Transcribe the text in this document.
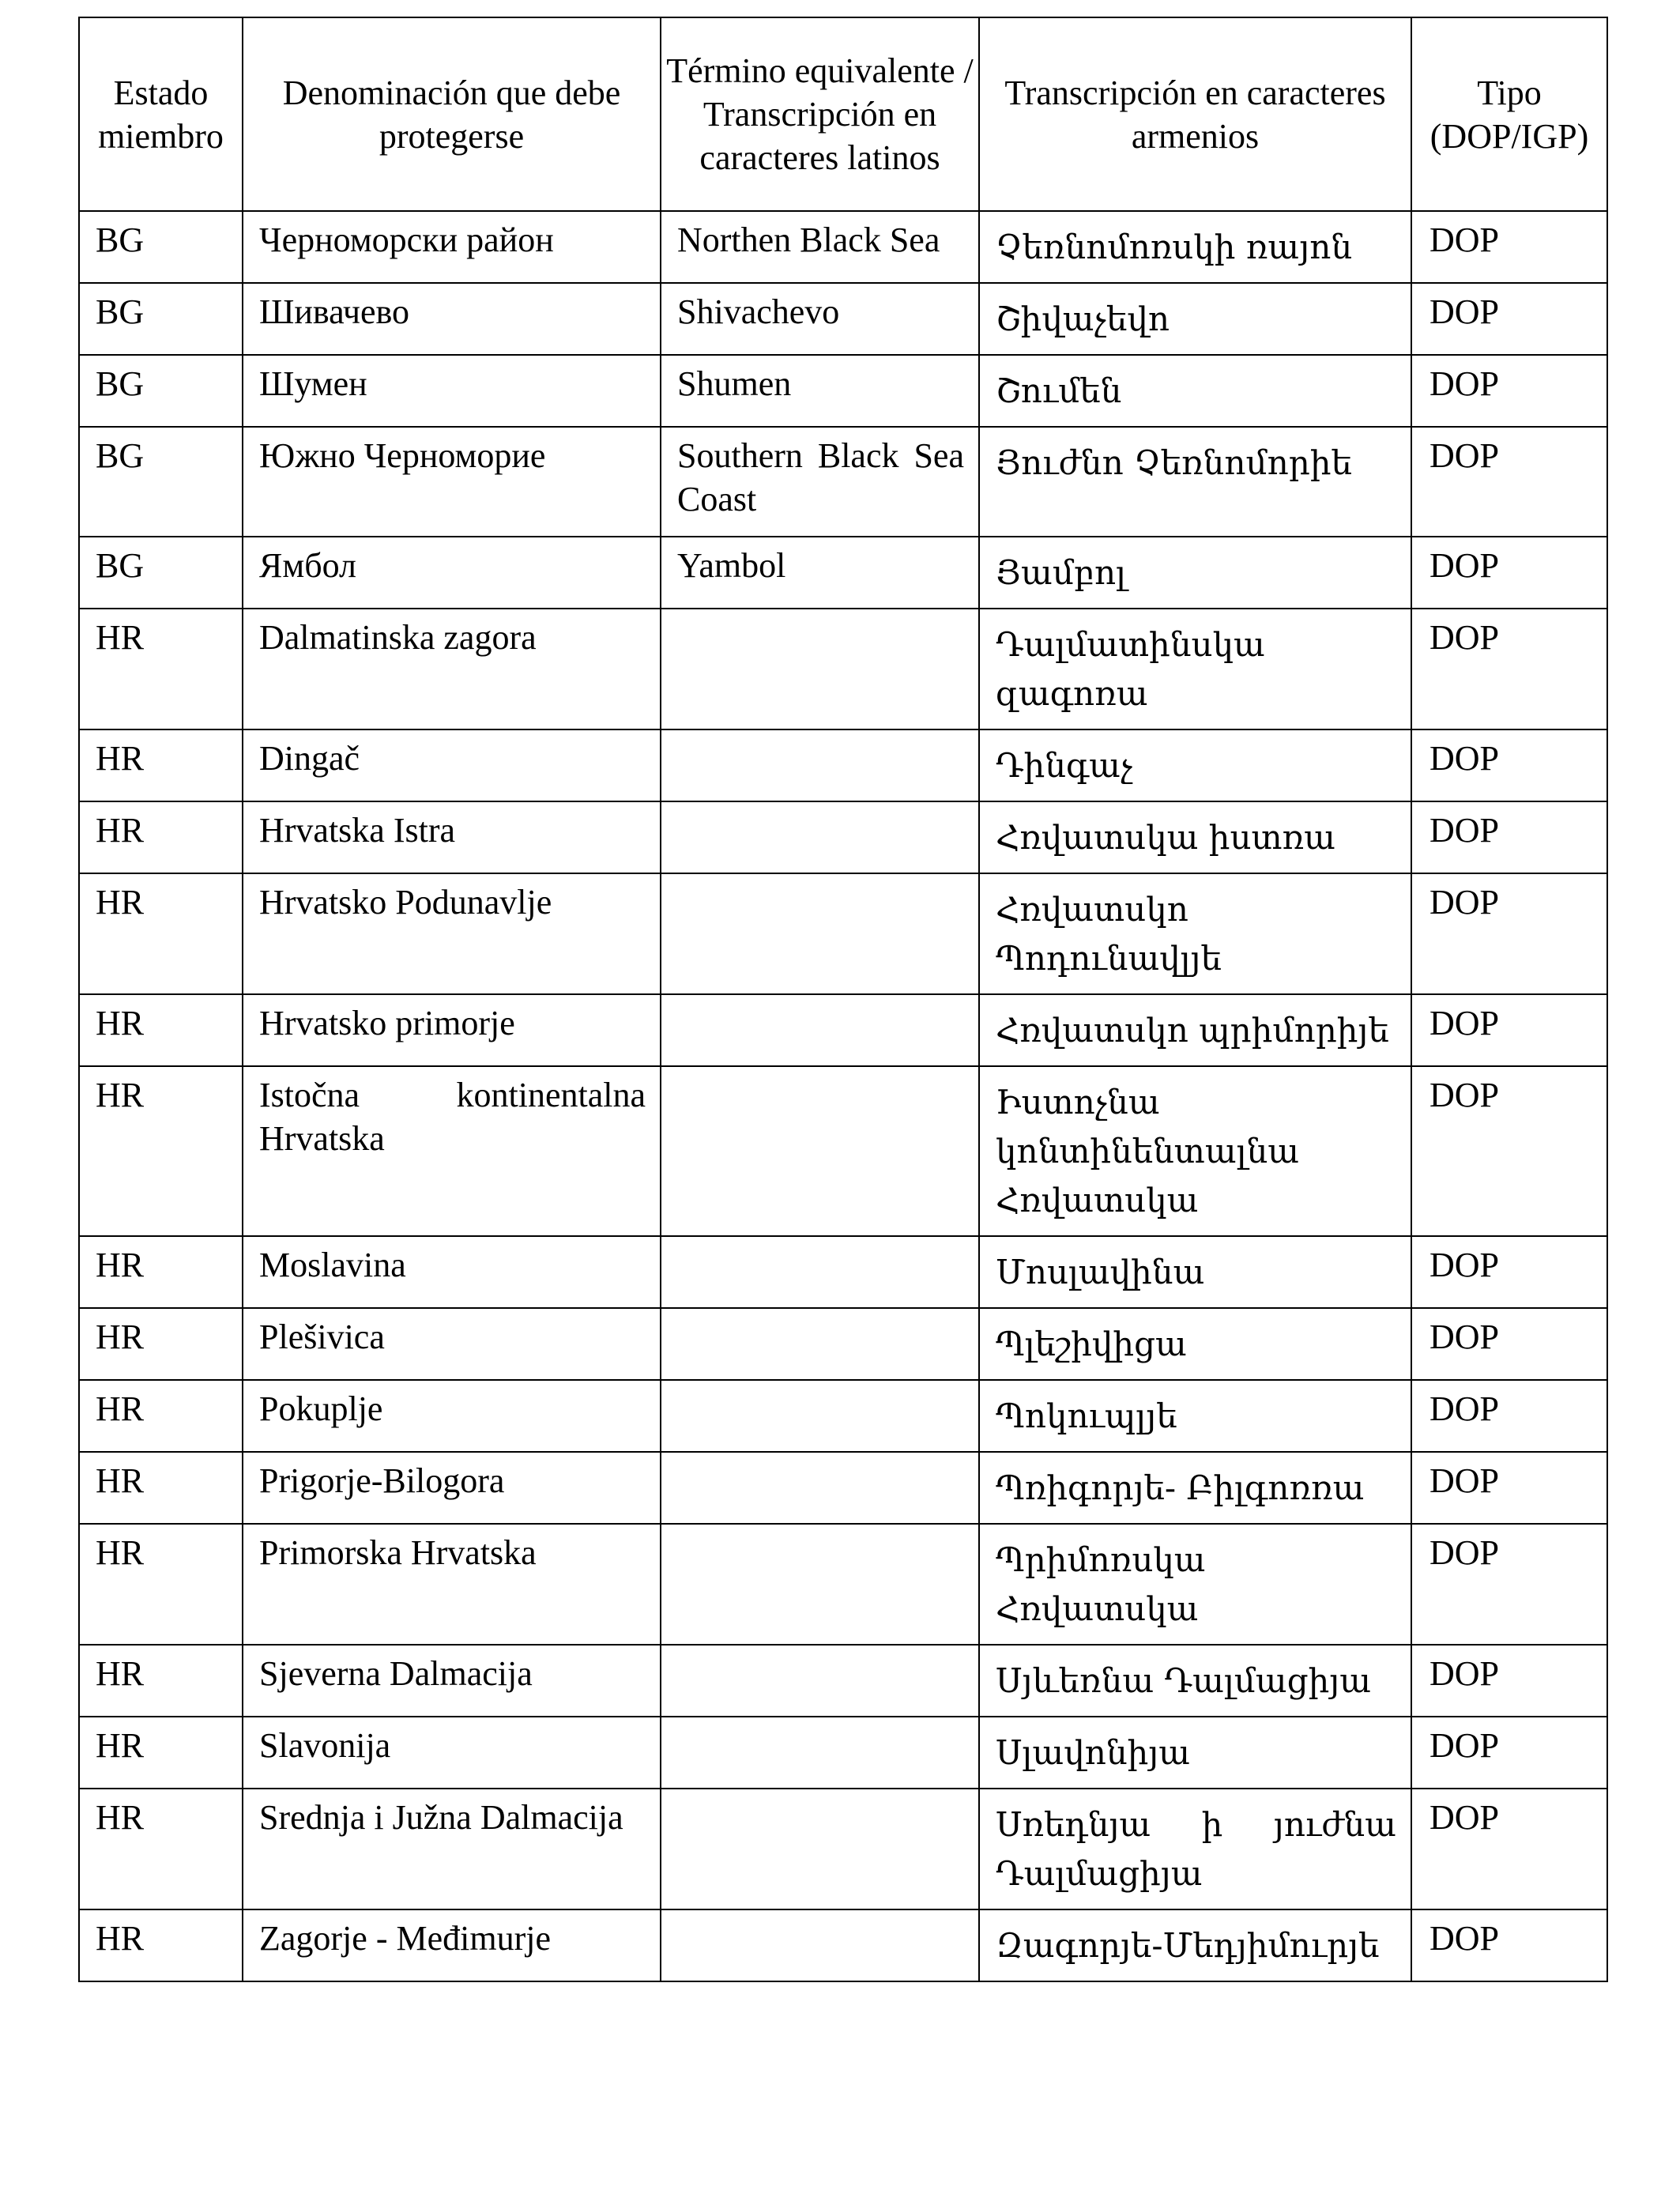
Estado miembro	Denominación que debe protegerse	Término equivalente / Transcripción en caracteres latinos	Transcripción en caracteres armenios	Tipo (DOP/IGP)
BG	Черноморски район	Northen Black Sea	Չեռնոմոռսկի ռայոն	DOP
BG	Шивачево	Shivachevo	Շիվաչեվո	DOP
BG	Шумен	Shumen	Շումեն	DOP
BG	Южно Черноморие	Southern Black Sea Coast	Յուժնո Չեռնոմորիե	DOP
BG	Ямбол	Yambol	Յամբոլ	DOP
HR	Dalmatinska zagora		Դալմատինսկա զագոռա	DOP
HR	Dingač		Դինգաչ	DOP
HR	Hrvatska Istra		Հռվատսկա իստռա	DOP
HR	Hrvatsko Podunavlje		Հռվատսկո Պոդունավլյե	DOP
HR	Hrvatsko primorje		Հռվատսկո պրիմորիյե	DOP
HR	Istočna kontinentalna Hrvatska		Իստոչնա կոնտինենտալնա Հռվատսկա	DOP
HR	Moslavina		Մոսլավինա	DOP
HR	Plešivica		Պլեշիվիցա	DOP
HR	Pokuplje		Պոկուպլյե	DOP
HR	Prigorje-Bilogora		Պռիգորյե- Բիլգոռռա	DOP
HR	Primorska Hrvatska		Պրիմոռսկա Հռվատսկա	DOP
HR	Sjeverna Dalmacija		Սյևեռնա Դալմացիյա	DOP
HR	Slavonija		Սլավոնիյա	DOP
HR	Srednja i Južna Dalmacija		Սռեդնյա ի յուժնա Դալմացիյա	DOP
HR	Zagorje - Međimurje		Զագորյե-Մեդյիմուրյե	DOP
